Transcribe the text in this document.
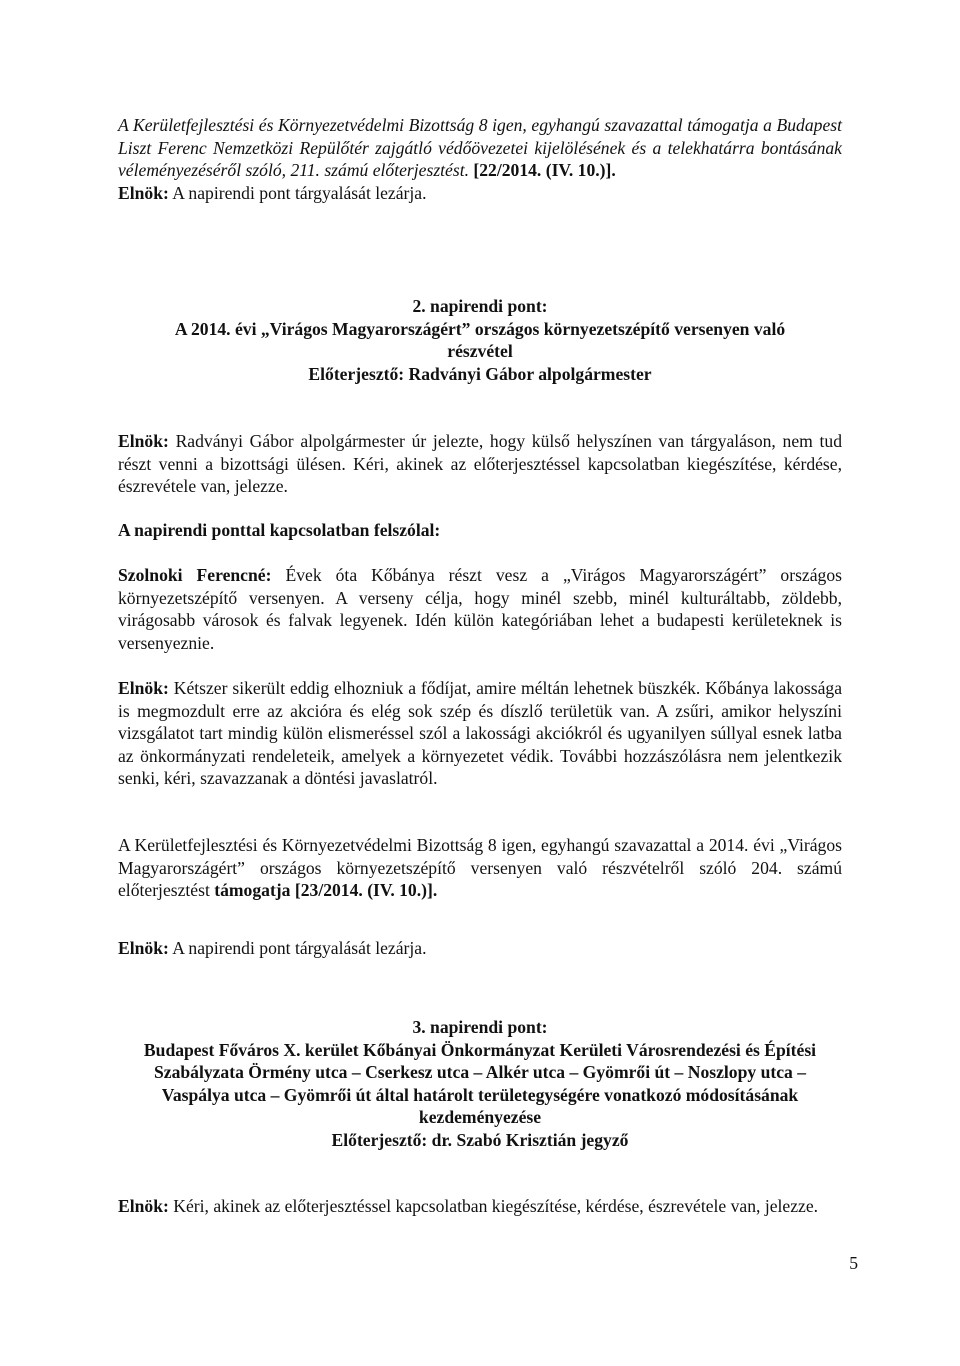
A Kerületfejlesztési és Környezetvédelmi Bizottság 8 igen, egyhangú szavazattal támogatja a Budapest Liszt Ferenc Nemzetközi Repülőtér zajgátló védőövezetei kijelölésének és a telekhatárra bontásának véleményezéséről szóló, 211. számú előterjesztést. [22/2014. (IV. 10.)].

Elnök: A napirendi pont tárgyalását lezárja.

2. napirendi pont:

A 2014. évi „Virágos Magyarországért” országos környezetszépítő versenyen való

részvétel

Előterjesztő: Radványi Gábor alpolgármester

Elnök: Radványi Gábor alpolgármester úr jelezte, hogy külső helyszínen van tárgyaláson, nem tud részt venni a bizottsági ülésen. Kéri, akinek az előterjesztéssel kapcsolatban kiegészítése, kérdése, észrevétele van, jelezze.

A napirendi ponttal kapcsolatban felszólal:

Szolnoki Ferencné: Évek óta Kőbánya részt vesz a „Virágos Magyarországért” országos környezetszépítő versenyen. A verseny célja, hogy minél szebb, minél kulturáltabb, zöldebb, virágosabb városok és falvak legyenek. Idén külön kategóriában lehet a budapesti kerületeknek is versenyeznie.

Elnök: Kétszer sikerült eddig elhozniuk a fődíjat, amire méltán lehetnek büszkék. Kőbánya lakossága is megmozdult erre az akcióra és elég sok szép és díszlő területük van. A zsűri, amikor helyszíni vizsgálatot tart mindig külön elismeréssel szól a lakossági akciókról és ugyanilyen súllyal esnek latba az önkormányzati rendeleteik, amelyek a környezetet védik. További hozzászólásra nem jelentkezik senki, kéri, szavazzanak a döntési javaslatról.

A Kerületfejlesztési és Környezetvédelmi Bizottság 8 igen, egyhangú szavazattal a 2014. évi „Virágos Magyarországért” országos környezetszépítő versenyen való részvételről szóló 204. számú előterjesztést támogatja [23/2014. (IV. 10.)].

Elnök: A napirendi pont tárgyalását lezárja.

3. napirendi pont:

Budapest Főváros X. kerület Kőbányai Önkormányzat Kerületi Városrendezési és Építési Szabályzata Örmény utca – Cserkesz utca – Alkér utca – Gyömrői út – Noszlopy utca – Vaspálya utca – Gyömrői út által határolt területegységére vonatkozó módosításának kezdeményezése

Előterjesztő: dr. Szabó Krisztián jegyző

Elnök: Kéri, akinek az előterjesztéssel kapcsolatban kiegészítése, kérdése, észrevétele van, jelezze.

5
